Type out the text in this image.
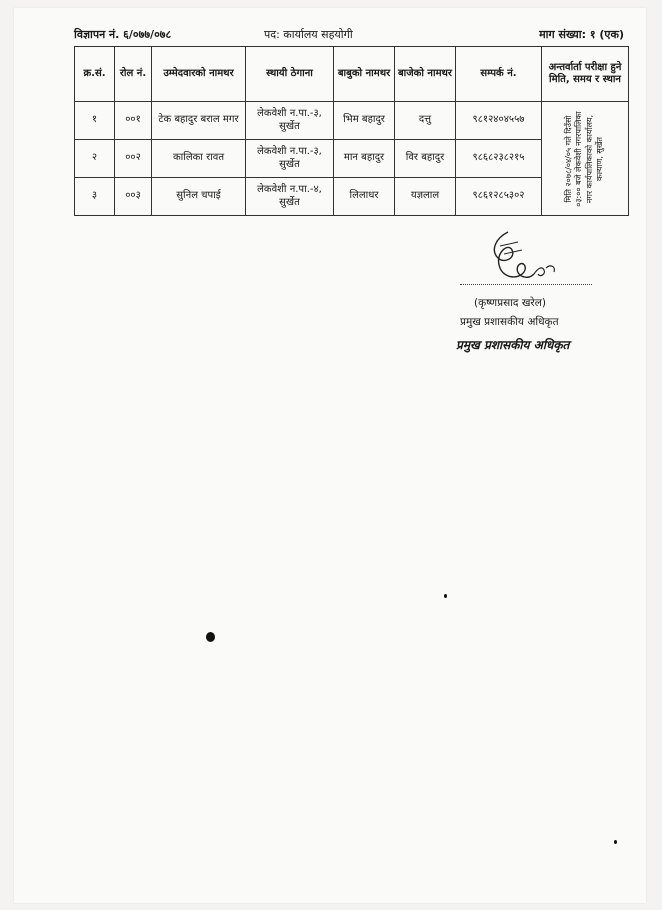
विज्ञापन नं. ६/०७७/०७८	पद: कार्यालय सहयोगी	माग संख्या: १ (एक)
क्र.सं.	रोल नं.	उम्मेदवारको नामथर	स्थायी ठेगाना	बाबुको नामथर	बाजेको नामथर	सम्पर्क नं.	अन्तर्वार्ता परीक्षा हुने मिति, समय र स्थान
१	००१	टेक बहादुर बराल मगर	लेकवेशी न.पा.-३, सुर्खेत	भिम बहादुर	दत्तु	९८१२४०४५५७	मिति २०७८/०४/०५ गते दिउँसो ०३:०० बजे लेकवेशी नगरपालिका नगर कार्यपालिकाको कार्यालय, कल्याण, सुर्खेत

२	००२	कालिका रावत	लेकवेशी न.पा.-३, सुर्खेत	मान बहादुर	विर बहादुर	९८६८२३८२१५	
३	००३	सुनिल चपाई	लेकवेशी न.पा.-४, सुर्खेत	लिलाधर	यज्ञलाल	९८६१२८५३०२	
(कृष्णप्रसाद खरेल)
प्रमुख प्रशासकीय अधिकृत
प्रमुख प्रशासकीय अधिकृत
